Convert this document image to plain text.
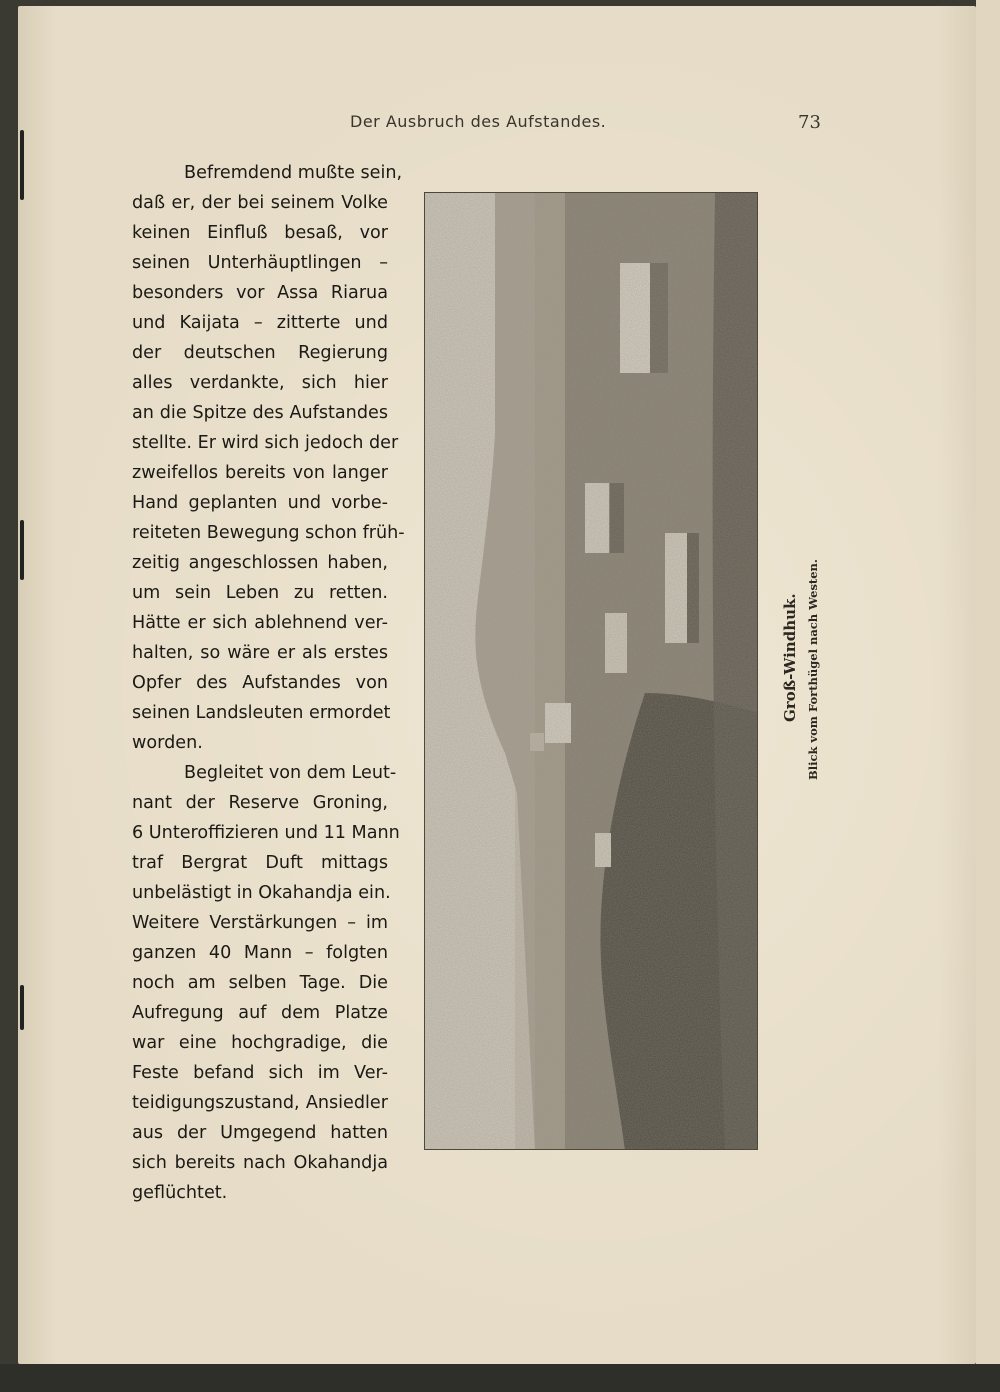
Der Ausbruch des Aufstandes.	73
Befremdend mußte sein,
daß er, der bei seinem Volke
keinen Einfluß besaß, vor
seinen Unterhäuptlingen –
besonders vor Assa Riarua
und Kaijata – zitterte und
der deutschen Regierung
alles verdankte, sich hier
an die Spitze des Aufstandes
stellte. Er wird sich jedoch der
zweifellos bereits von langer
Hand geplanten und vorbe-
reiteten Bewegung schon früh-
zeitig angeschlossen haben,
um sein Leben zu retten.
Hätte er sich ablehnend ver-
halten, so wäre er als erstes
Opfer des Aufstandes von
seinen Landsleuten ermordet
worden.
Begleitet von dem Leut-
nant der Reserve Groning,
6 Unteroffizieren und 11 Mann
traf Bergrat Duft mittags
unbelästigt in Okahandja ein.
Weitere Verstärkungen – im
ganzen 40 Mann – folgten
noch am selben Tage. Die
Aufregung auf dem Platze
war eine hochgradige, die
Feste befand sich im Ver-
teidigungszustand, Ansiedler
aus der Umgegend hatten
sich bereits nach Okahandja
geflüchtet.
Groß-Windhuk. Blick vom Forthügel nach Westen.
